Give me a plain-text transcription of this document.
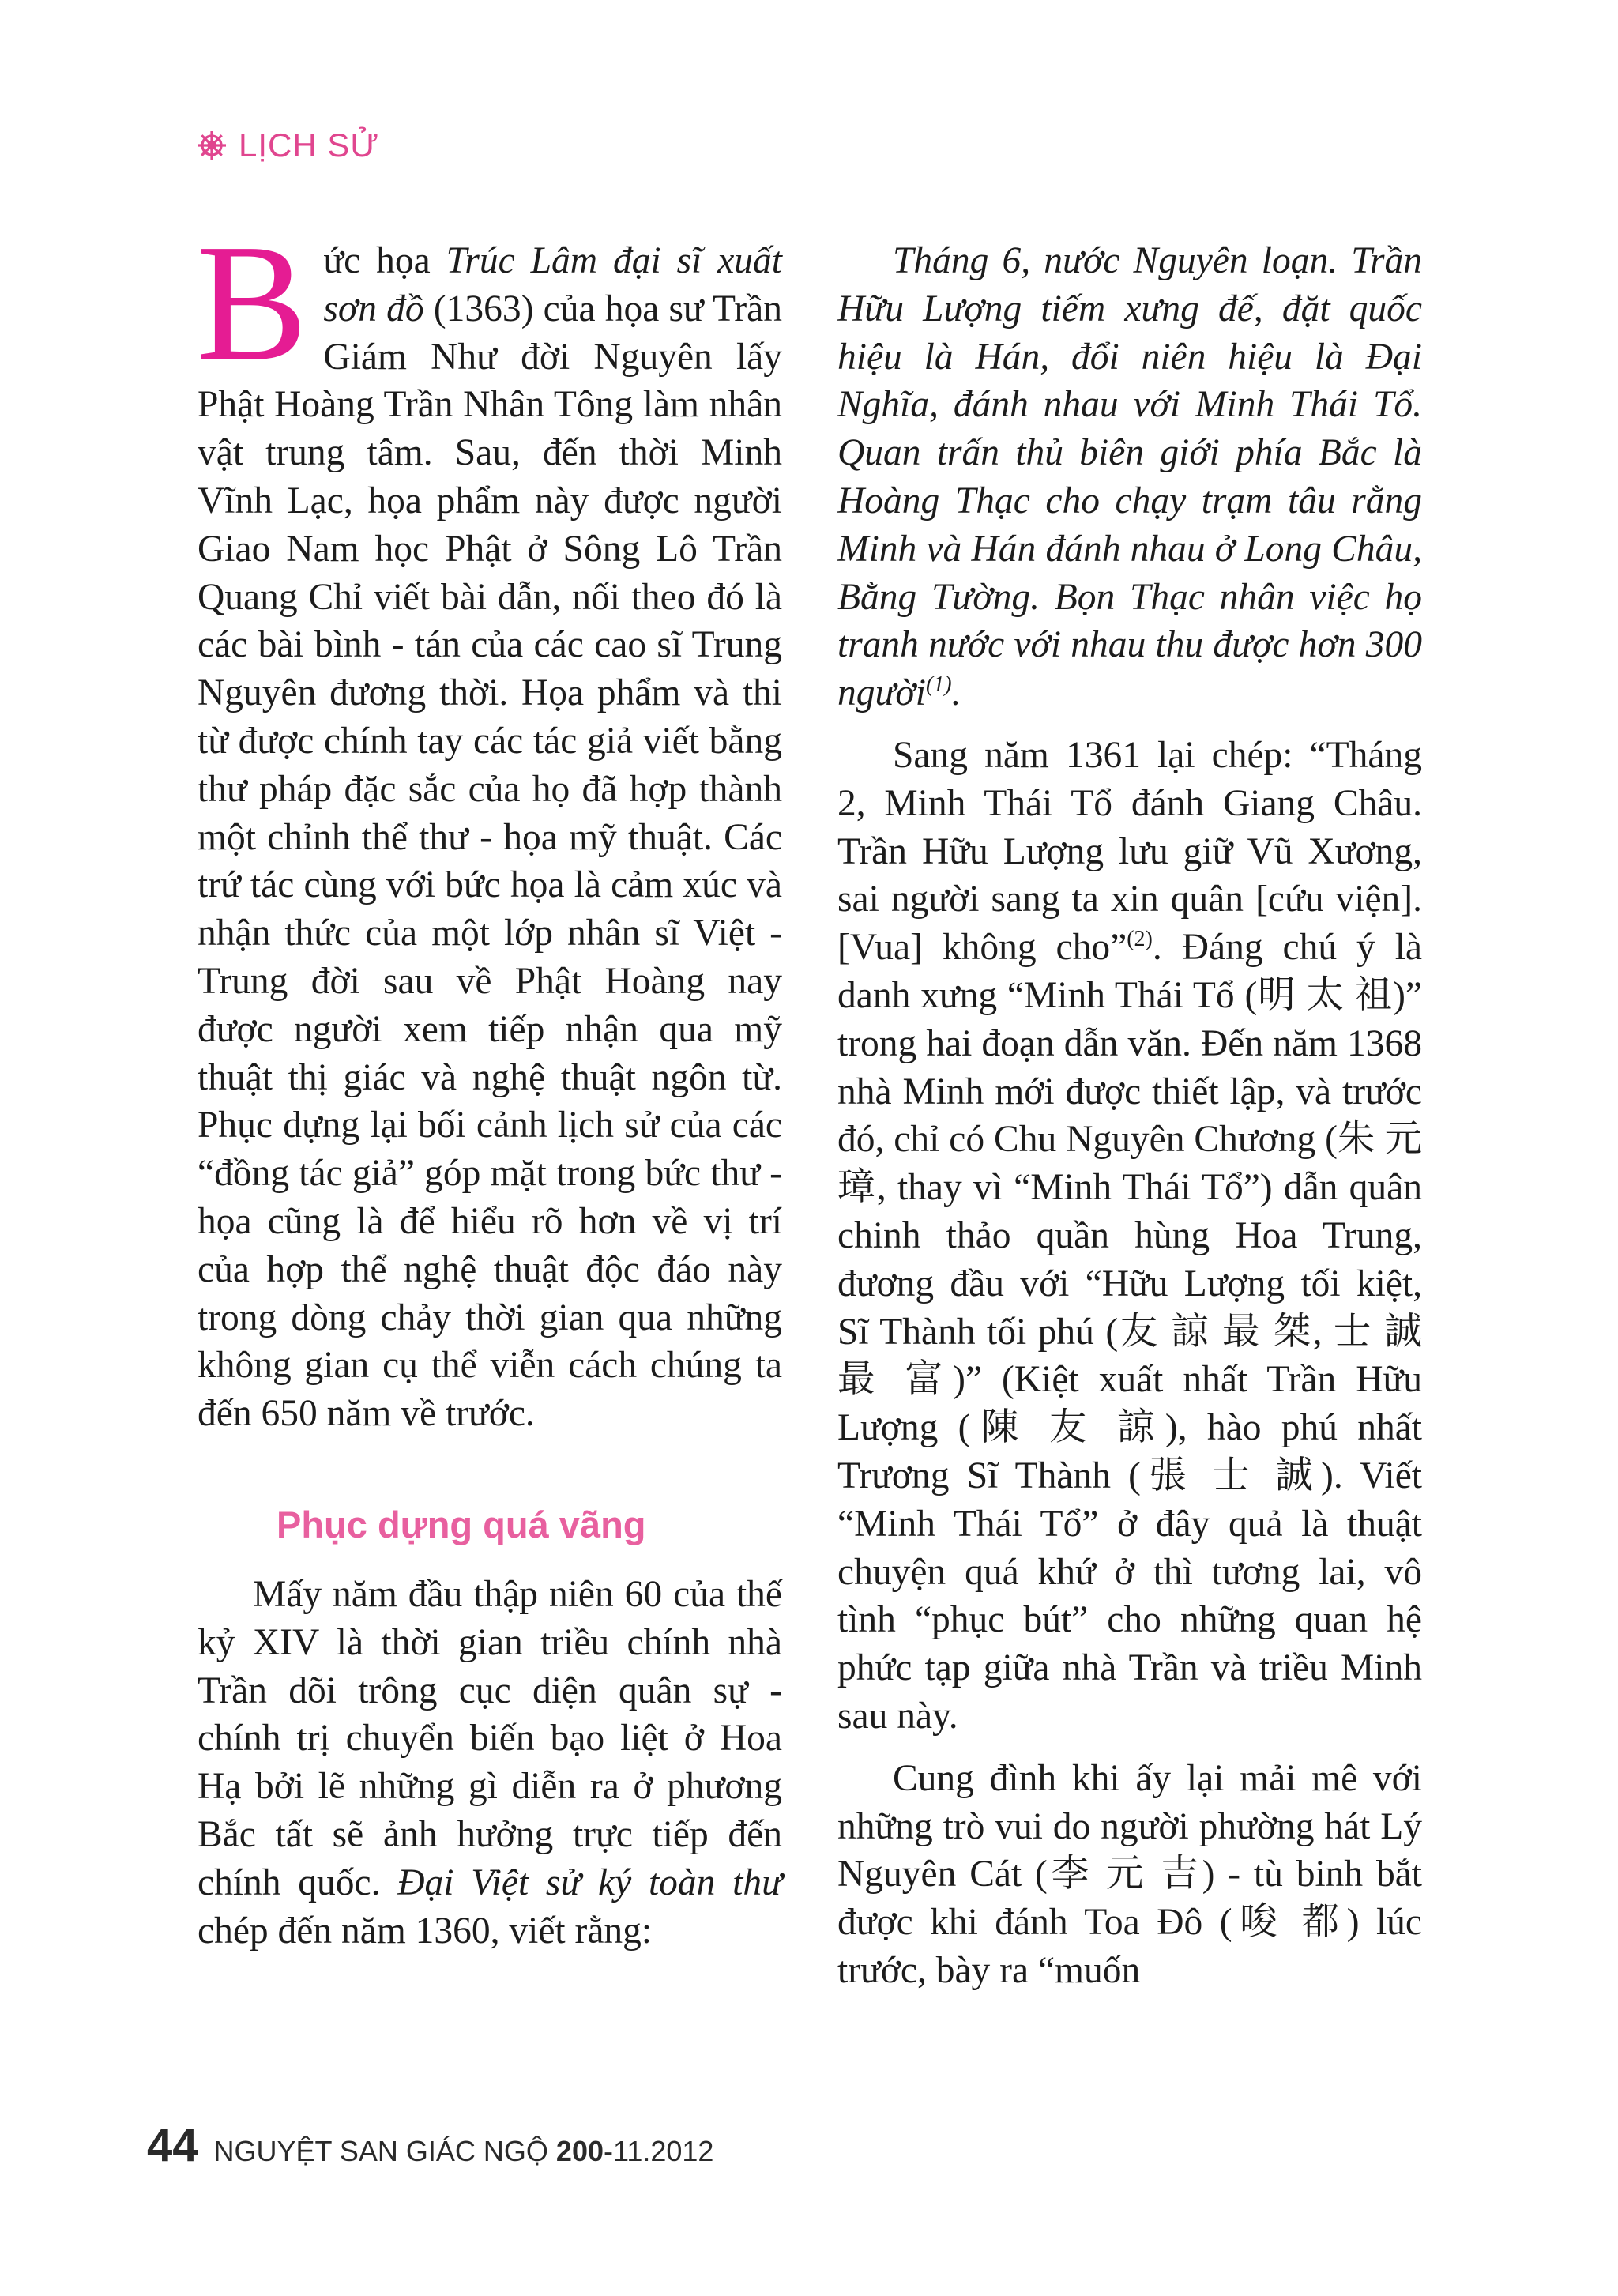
LỊCH SỬ

B ức họa Trúc Lâm đại sĩ xuất sơn đồ (1363) của họa sư Trần Giám Như đời Nguyên lấy Phật Hoàng Trần Nhân Tông làm nhân vật trung tâm. Sau, đến thời Minh Vĩnh Lạc, họa phẩm này được người Giao Nam học Phật ở Sông Lô Trần Quang Chỉ viết bài dẫn, nối theo đó là các bài bình - tán của các cao sĩ Trung Nguyên đương thời. Họa phẩm và thi từ được chính tay các tác giả viết bằng thư pháp đặc sắc của họ đã hợp thành một chỉnh thể thư - họa mỹ thuật. Các trứ tác cùng với bức họa là cảm xúc và nhận thức của một lớp nhân sĩ Việt - Trung đời sau về Phật Hoàng nay được người xem tiếp nhận qua mỹ thuật thị giác và nghệ thuật ngôn từ. Phục dựng lại bối cảnh lịch sử của các “đồng tác giả” góp mặt trong bức thư - họa cũng là để hiểu rõ hơn về vị trí của hợp thể nghệ thuật độc đáo này trong dòng chảy thời gian qua những không gian cụ thể viễn cách chúng ta đến 650 năm về trước.

Phục dựng quá vãng

Mấy năm đầu thập niên 60 của thế kỷ XIV là thời gian triều chính nhà Trần dõi trông cục diện quân sự - chính trị chuyển biến bạo liệt ở Hoa Hạ bởi lẽ những gì diễn ra ở phương Bắc tất sẽ ảnh hưởng trực tiếp đến chính quốc. Đại Việt sử ký toàn thư chép đến năm 1360, viết rằng:

Tháng 6, nước Nguyên loạn. Trần Hữu Lượng tiếm xưng đế, đặt quốc hiệu là Hán, đổi niên hiệu là Đại Nghĩa, đánh nhau với Minh Thái Tổ. Quan trấn thủ biên giới phía Bắc là Hoàng Thạc cho chạy trạm tâu rằng Minh và Hán đánh nhau ở Long Châu, Bằng Tường. Bọn Thạc nhân việc họ tranh nước với nhau thu được hơn 300 người$^{(1)}$.

Sang năm 1361 lại chép: “Tháng 2, Minh Thái Tổ đánh Giang Châu. Trần Hữu Lượng lưu giữ Vũ Xương, sai người sang ta xin quân [cứu viện]. [Vua] không cho”$^{(2)}$. Đáng chú ý là danh xưng “Minh Thái Tổ (明 太 祖)” trong hai đoạn dẫn văn. Đến năm 1368 nhà Minh mới được thiết lập, và trước đó, chỉ có Chu Nguyên Chương (朱 元 璋, thay vì “Minh Thái Tổ”) dẫn quân chinh thảo quần hùng Hoa Trung, đương đầu với “Hữu Lượng tối kiệt, Sĩ Thành tối phú (友 諒 最 桀, 士 誠 最 富)” (Kiệt xuất nhất Trần Hữu Lượng (陳 友 諒), hào phú nhất Trương Sĩ Thành (張 士 誠). Viết “Minh Thái Tổ” ở đây quả là thuật chuyện quá khứ ở thì tương lai, vô tình “phục bút” cho những quan hệ phức tạp giữa nhà Trần và triều Minh sau này.

Cung đình khi ấy lại mải mê với những trò vui do người phường hát Lý Nguyên Cát (李 元 吉) - tù binh bắt được khi đánh Toa Đô (唆 都) lúc trước, bày ra “muốn

44 NGUYỆT SAN GIÁC NGỘ 200-11.2012
